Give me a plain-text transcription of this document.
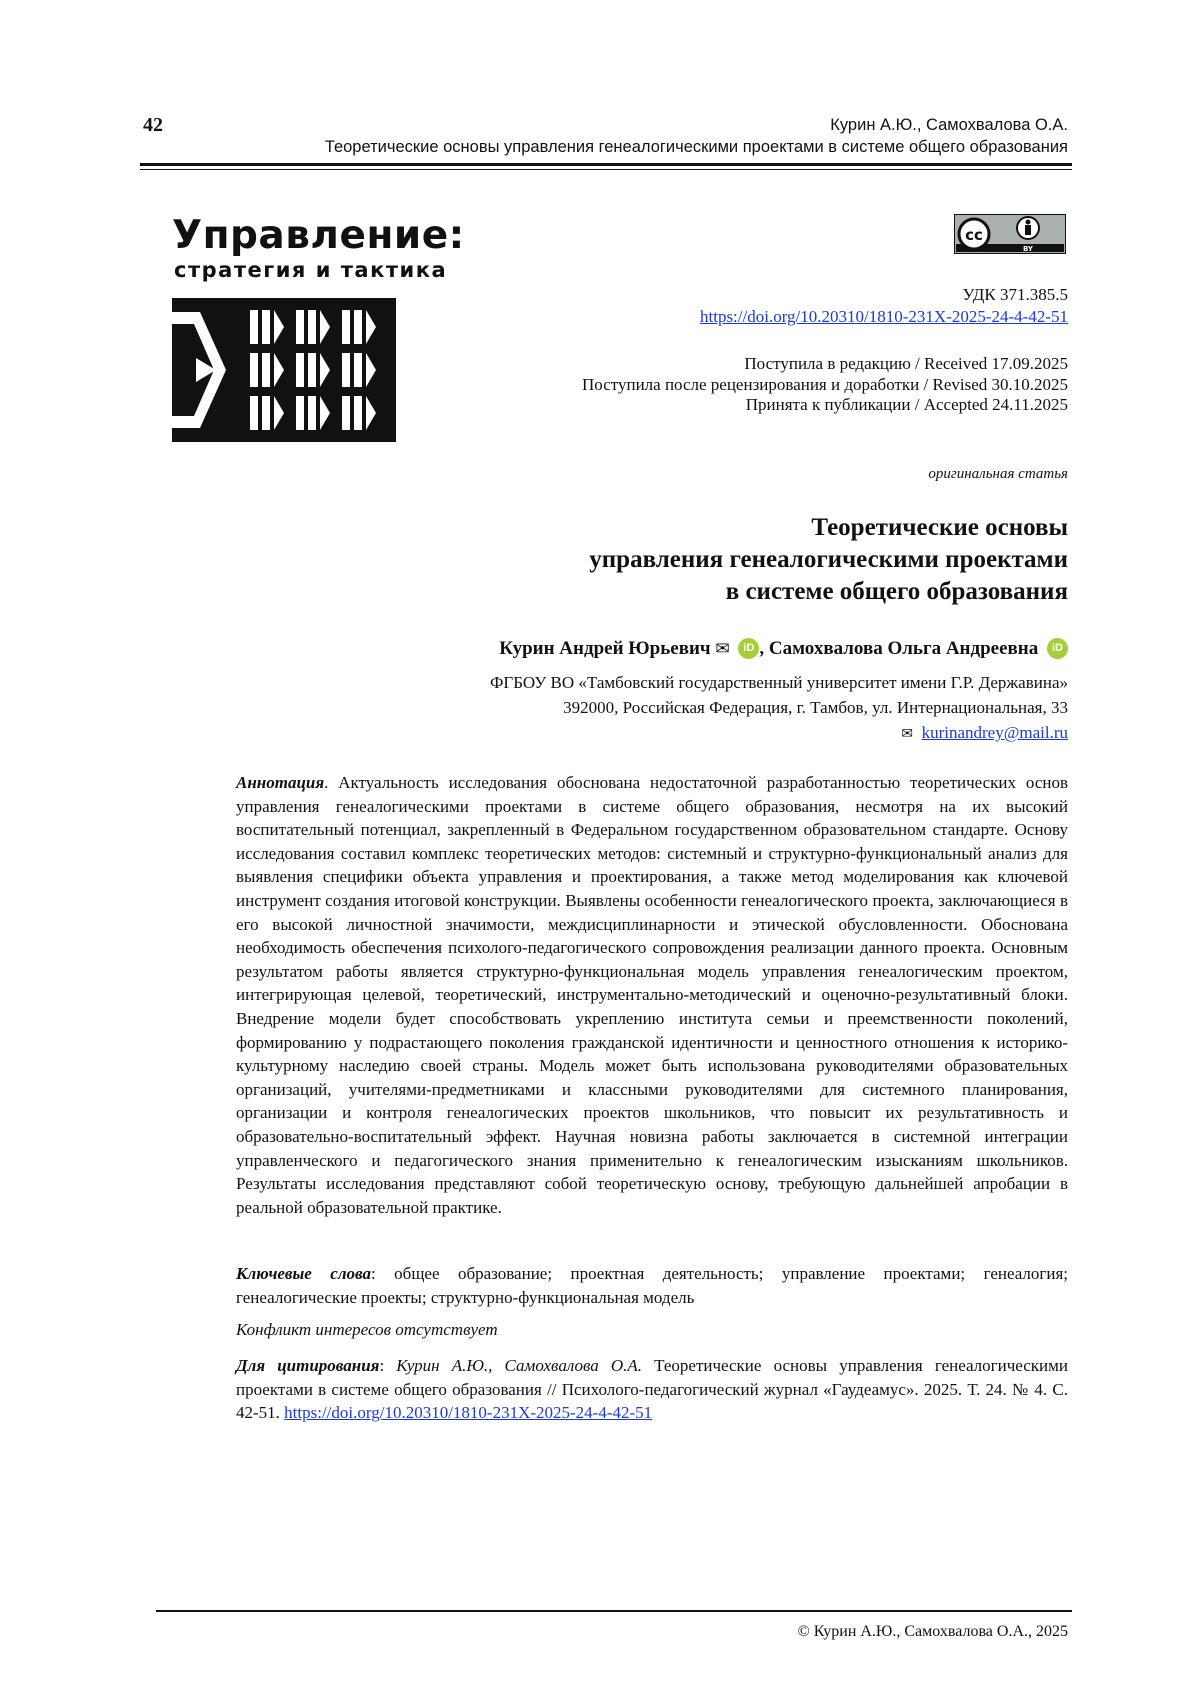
42	Курин А.Ю., Самохвалова О.А.
Теоретические основы управления генеалогическими проектами в системе общего образования
Управление:
стратегия и тактика
cc
BY
УДК 371.385.5
https://doi.org/10.20310/1810-231X-2025-24-4-42-51
Поступила в редакцию / Received 17.09.2025
Поступила после рецензирования и доработки / Revised 30.10.2025
Принята к публикации / Accepted 24.11.2025
оригинальная статья
Теоретические основы
управления генеалогическими проектами
в системе общего образования
Курин Андрей Юрьевич ✉ iD , Самохвалова Ольга Андреевна iD
ФГБОУ ВО «Тамбовский государственный университет имени Г.Р. Державина»
392000, Российская Федерация, г. Тамбов, ул. Интернациональная, 33
✉ kurinandrey@mail.ru
Аннотация. Актуальность исследования обоснована недостаточной разработанностью теоретических основ управления генеалогическими проектами в системе общего образования, несмотря на их высокий воспитательный потенциал, закрепленный в Федеральном государственном образовательном стандарте. Основу исследования составил комплекс теоретических методов: системный и структурно-функциональный анализ для выявления специфики объекта управления и проектирования, а также метод моделирования как ключевой инструмент создания итоговой конструкции. Выявлены особенности генеалогического проекта, заключающиеся в его высокой личностной значимости, междисциплинарности и этической обусловленности. Обоснована необходимость обеспечения психолого-педагогического сопровождения реализации данного проекта. Основным результатом работы является структурно-функциональная модель управления генеалогическим проектом, интегрирующая целевой, теоретический, инструментально-методический и оценочно-результативный блоки. Внедрение модели будет способствовать укреплению института семьи и преемственности поколений, формированию у подрастающего поколения гражданской идентичности и ценностного отношения к историко-культурному наследию своей страны. Модель может быть использована руководителями образовательных организаций, учителями-предметниками и классными руководителями для системного планирования, организации и контроля генеалогических проектов школьников, что повысит их результативность и образовательно-воспитательный эффект. Научная новизна работы заключается в системной интеграции управленческого и педагогического знания применительно к генеалогическим изысканиям школьников. Результаты исследования представляют собой теоретическую основу, требующую дальнейшей апробации в реальной образовательной практике.
Ключевые слова: общее образование; проектная деятельность; управление проектами; генеалогия; генеалогические проекты; структурно-функциональная модель
Конфликт интересов отсутствует
Для цитирования: Курин А.Ю., Самохвалова О.А. Теоретические основы управления генеалогическими проектами в системе общего образования // Психолого-педагогический журнал «Гаудеамус». 2025. Т. 24. № 4. С. 42-51. https://doi.org/10.20310/1810-231X-2025-24-4-42-51
© Курин А.Ю., Самохвалова О.А., 2025
